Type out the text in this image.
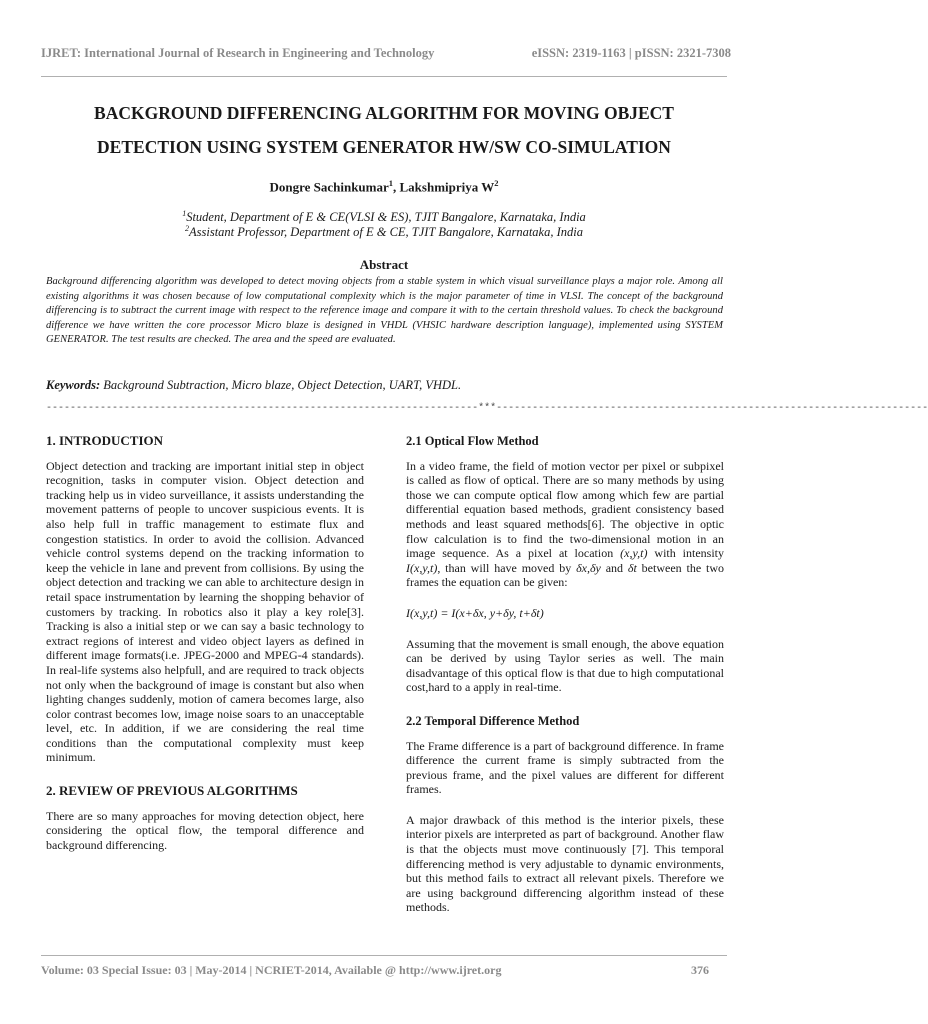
IJRET: International Journal of Research in Engineering and Technology	eISSN: 2319-1163 | pISSN: 2321-7308
BACKGROUND DIFFERENCING ALGORITHM FOR MOVING OBJECT
DETECTION USING SYSTEM GENERATOR HW/SW CO-SIMULATION
Dongre Sachinkumar$^1$, Lakshmipriya $W^2$
$^1$Student, Department of E & CE(VLSI & ES), TJIT Bangalore, Karnataka, India
$^2$Assistant Professor, Department of E & CE, TJIT Bangalore, Karnataka, India
Abstract
Background differencing algorithm was developed to detect moving objects from a stable system in which visual surveillance plays a major role. Among all existing algorithms it was chosen because of low computational complexity which is the major parameter of time in VLSI. The concept of the background differencing is to subtract the current image with respect to the reference image and compare it with to the certain threshold values. To check the background difference we have written the core processor Micro blaze is designed in VHDL (VHSIC hardware description language), implemented using SYSTEM GENERATOR. The test results are checked. The area and the speed are evaluated.
Keywords: Background Subtraction, Micro blaze, Object Detection, UART, VHDL.
------------------------------------------------------------------------***------------------------------------------------------------------------

1. INTRODUCTION

Object detection and tracking are important initial step in object recognition, tasks in computer vision. Object detection and tracking help us in video surveillance, it assists understanding the movement patterns of people to uncover suspicious events. It is also help full in traffic management to estimate flux and congestion statistics. In order to avoid the collision. Advanced vehicle control systems depend on the tracking information to keep the vehicle in lane and prevent from collisions. By using the object detection and tracking we can able to architecture design in retail space instrumentation by learning the shopping behavior of customers by tracking. In robotics also it play a key role[3]. Tracking is also a initial step or we can say a basic technology to extract regions of interest and video object layers as defined in different image formats(i.e. JPEG-2000 and MPEG-4 standards). In real-life systems also helpfull, and are required to track objects not only when the background of image is constant but also when lighting changes suddenly, motion of camera becomes large, also color contrast becomes low, image noise soars to an unacceptable level, etc. In addition, if we are considering the real time conditions than the computational complexity must keep minimum.

2. REVIEW OF PREVIOUS ALGORITHMS

There are so many approaches for moving detection object, here considering the optical flow, the temporal difference and background differencing.

2.1 Optical Flow Method

In a video frame, the field of motion vector per pixel or subpixel is called as flow of optical. There are so many methods by using those we can compute optical flow among which few are partial differential equation based methods, gradient consistency based methods and least squared methods[6]. The objective in optic flow calculation is to find the two-dimensional motion in an image sequence. As a pixel at location (x,y,t) with intensity I(x,y,t), than will have moved by δx,δy and δt between the two frames the equation can be given:

I(x,y,t) = I(x+δx, y+δy, t+δt)

Assuming that the movement is small enough, the above equation can be derived by using Taylor series as well. The main disadvantage of this optical flow is that due to high computational cost,hard to a apply in real-time.

2.2 Temporal Difference Method

The Frame difference is a part of background difference. In frame difference the current frame is simply subtracted from the previous frame, and the pixel values are different for different frames.

A major drawback of this method is the interior pixels, these interior pixels are interpreted as part of background. Another flaw is that the objects must move continuously [7]. This temporal differencing method is very adjustable to dynamic environments, but this method fails to extract all relevant pixels. Therefore we are using background differencing algorithm instead of these methods.

Volume: 03 Special Issue: 03 | May-2014 | NCRIET-2014, Available @ http://www.ijret.org	376
